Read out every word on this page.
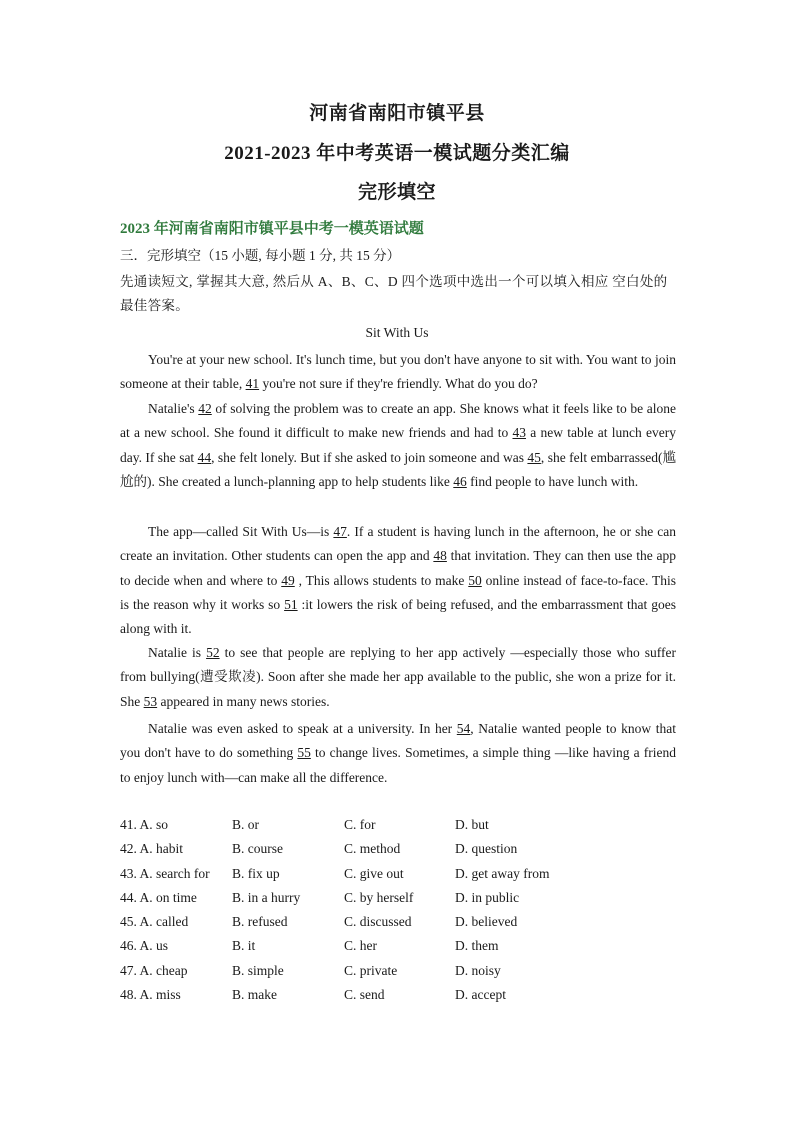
河南省南阳市镇平县
2021-2023 年中考英语一模试题分类汇编
完形填空
2023 年河南省南阳市镇平县中考一模英语试题
三．完形填空（15 小题, 每小题 1 分, 共 15 分）
先通读短文, 掌握其大意, 然后从 A、B、C、D 四个选项中选出一个可以填入相应 空白处的最佳答案。
Sit With Us
You're at your new school. It's lunch time, but you don't have anyone to sit with. You want to join someone at their table, 41 you're not sure if they're friendly. What do you do?
Natalie's 42 of solving the problem was to create an app. She knows what it feels like to be alone at a new school. She found it difficult to make new friends and had to 43 a new table at lunch every day. If she sat 44, she felt lonely. But if she asked to join someone and was 45, she felt embarrassed(尴尬的). She created a lunch-planning app to help students like 46 find people to have lunch with.
The app—called Sit With Us—is 47. If a student is having lunch in the afternoon, he or she can create an invitation. Other students can open the app and 48 that invitation. They can then use the app to decide when and where to 49 , This allows students to make 50 online instead of face-to-face. This is the reason why it works so 51 :it lowers the risk of being refused, and the embarrassment that goes along with it.
Natalie is 52 to see that people are replying to her app actively —especially those who suffer from bullying(遭受欺凌). Soon after she made her app available to the public, she won a prize for it. She 53 appeared in many news stories.
Natalie was even asked to speak at a university. In her 54, Natalie wanted people to know that you don't have to do something 55 to change lives. Sometimes, a simple thing —like having a friend to enjoy lunch with—can make all the difference.
41. A. so	B. or	C. for	D. but
42. A. habit	B. course	C. method	D. question
43. A. search for	B. fix up	C. give out	D. get away from
44. A. on time	B. in a hurry	C. by herself	D. in public
45. A. called	B. refused	C. discussed	D. believed
46. A. us	B. it	C. her	D. them
47. A. cheap	B. simple	C. private	D. noisy
48. A. miss	B. make	C. send	D. accept
